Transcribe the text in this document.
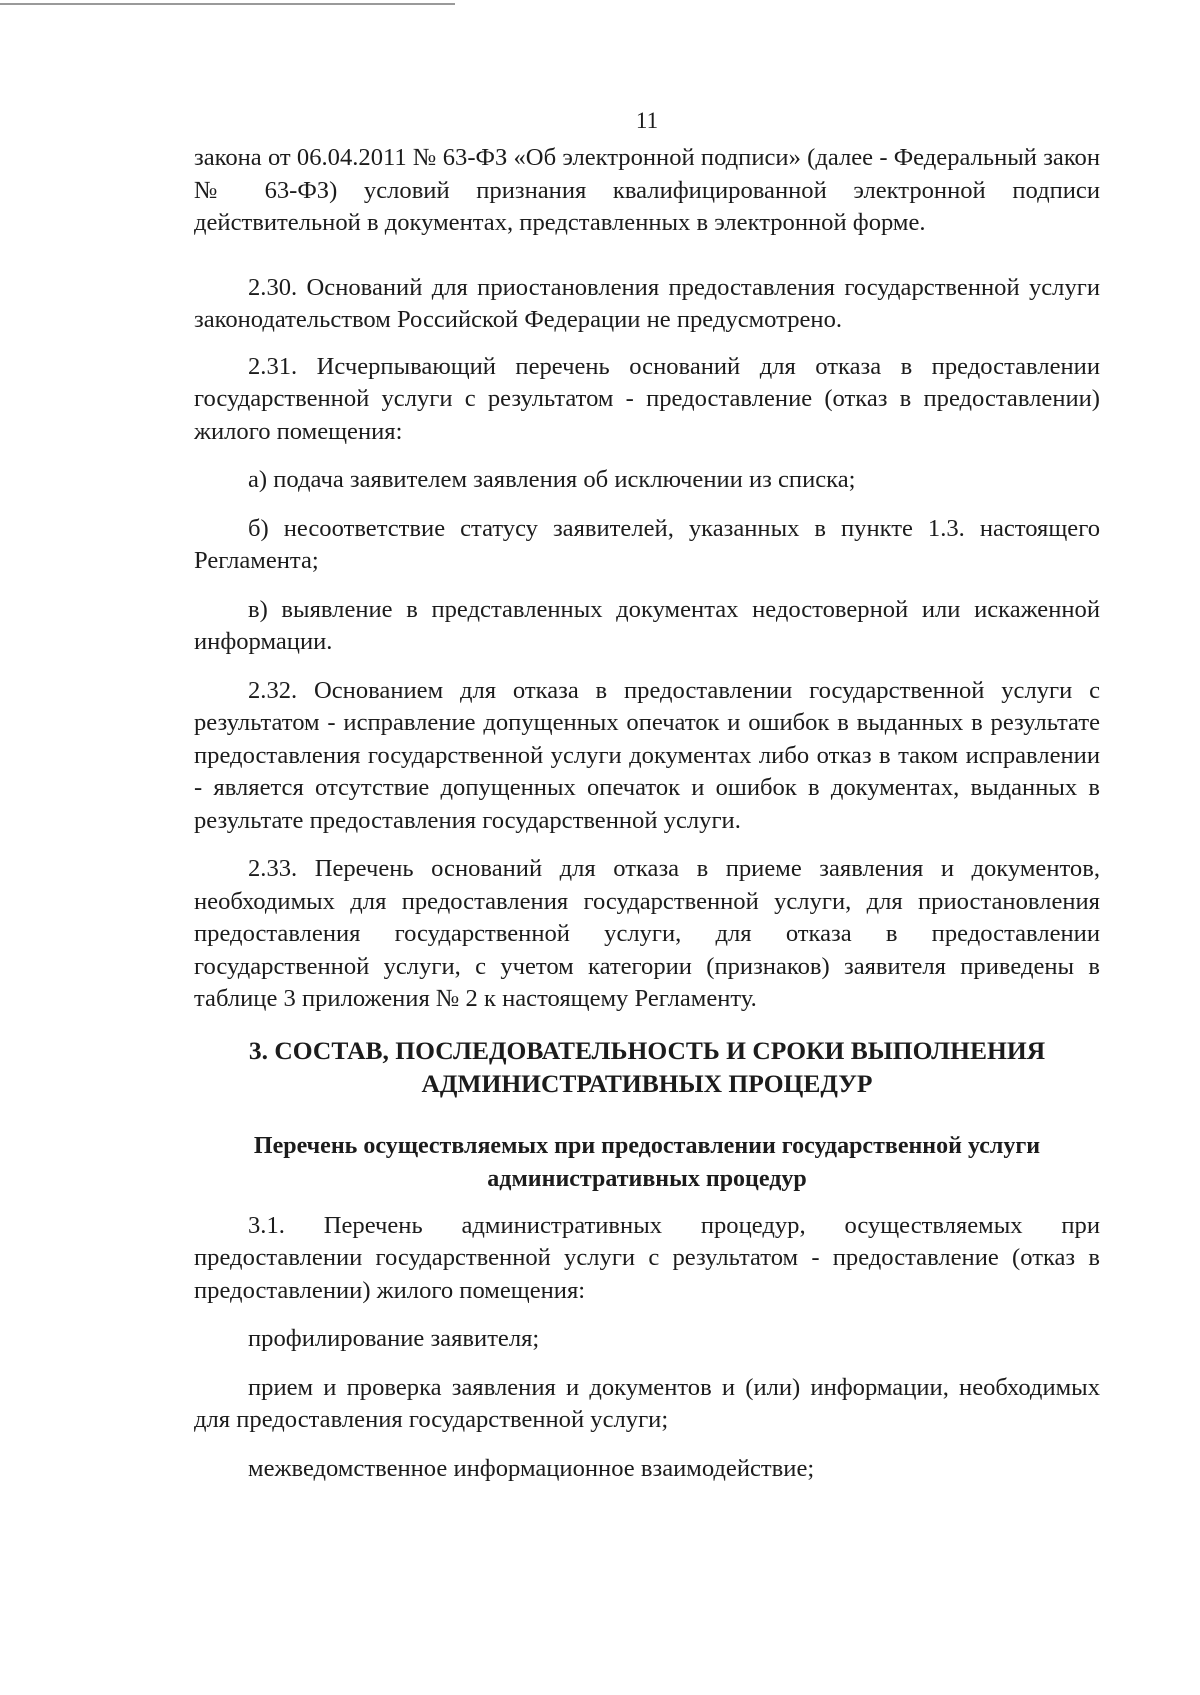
11

закона от 06.04.2011 № 63-ФЗ «Об электронной подписи» (далее - Федеральный закон № 63-ФЗ) условий признания квалифицированной электронной подписи действительной в документах, представленных в электронной форме.

2.30. Оснований для приостановления предоставления государственной услуги законодательством Российской Федерации не предусмотрено.

2.31. Исчерпывающий перечень оснований для отказа в предоставлении государственной услуги с результатом - предоставление (отказ в предоставлении) жилого помещения:

а) подача заявителем заявления об исключении из списка;

б) несоответствие статусу заявителей, указанных в пункте 1.3. настоящего Регламента;

в) выявление в представленных документах недостоверной или искаженной информации.

2.32. Основанием для отказа в предоставлении государственной услуги с результатом - исправление допущенных опечаток и ошибок в выданных в результате предоставления государственной услуги документах либо отказ в таком исправлении - является отсутствие допущенных опечаток и ошибок в документах, выданных в результате предоставления государственной услуги.

2.33. Перечень оснований для отказа в приеме заявления и документов, необходимых для предоставления государственной услуги, для приостановления предоставления государственной услуги, для отказа в предоставлении государственной услуги, с учетом категории (признаков) заявителя приведены в таблице 3 приложения № 2 к настоящему Регламенту.

3. СОСТАВ, ПОСЛЕДОВАТЕЛЬНОСТЬ И СРОКИ ВЫПОЛНЕНИЯ
АДМИНИСТРАТИВНЫХ ПРОЦЕДУР
Перечень осуществляемых при предоставлении государственной услуги
административных процедур

3.1. Перечень административных процедур, осуществляемых при предоставлении государственной услуги с результатом - предоставление (отказ в предоставлении) жилого помещения:

профилирование заявителя;

прием и проверка заявления и документов и (или) информации, необходимых для предоставления государственной услуги;

межведомственное информационное взаимодействие;
